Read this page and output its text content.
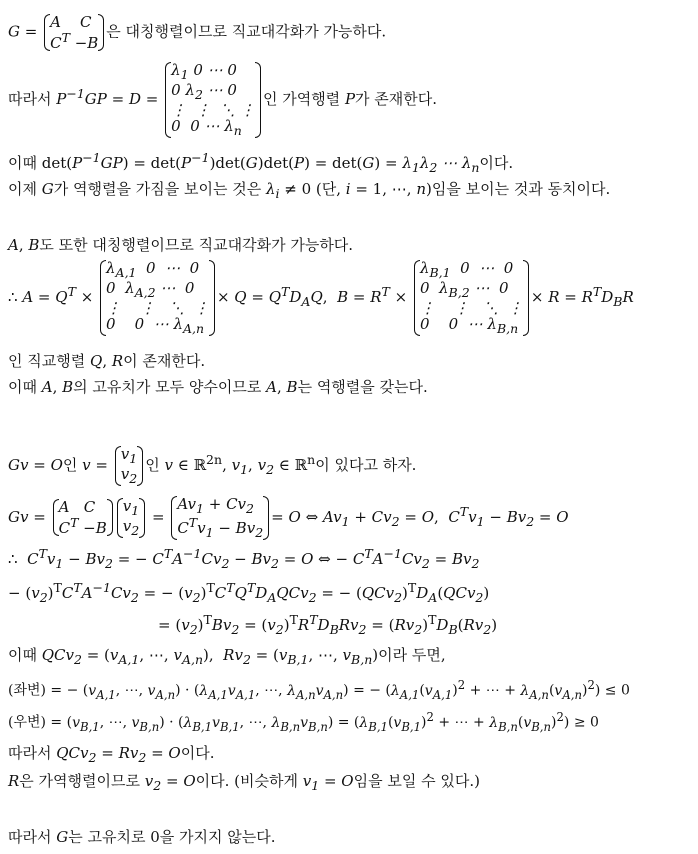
G =
A    C
$C^T -B$
은 대칭행렬이므로 직교대각화가 가능하다.
따라서 $P^{-1}GP = D$ =
$\lambda_1$ 0 ⋯ 0
0 $\lambda_2$ ⋯ 0
⋮  ⋮  ⋱ ⋮
0  0 ⋯ $\lambda_n$
인 가역행렬 P가 존재한다.
이때 $\det(P^{-1}GP) = \det(P^{-1})\det(G)\det(P) = \det(G) = \lambda_1\lambda_2$ ⋯ $\lambda_n$이다.
이제 G가 역행렬을 가짐을 보이는 것은 $\lambda_i \ne 0$ (단, i = 1, ⋯, n)임을 보이는 것과 동치이다.
A, B도 또한 대칭행렬이므로 직교대각화가 가능하다.
∴ $A = Q^T$ ×
$\lambda_{A,1}$  0  ⋯  0
0  $\lambda_{A,2}$ ⋯  0
⋮    ⋮   ⋱  ⋮
0    0  ⋯ $\lambda_{A,n}$
× $Q = Q^TD_AQ$,  $B = R^T$ ×
$\lambda_{B,1}$  0  ⋯  0
0  $\lambda_{B,2}$ ⋯  0
⋮    ⋮   ⋱  ⋮
0    0  ⋯ $\lambda_{B,n}$
× $R = R^TD_BR$
인 직교행렬 Q, R이 존재한다.
이때 A, B의 고유치가 모두 양수이므로 A, B는 역행렬을 갖는다.
Gv = O인 v =
$v_1$
$v_2$
인 v ∈ ℝ$^{2n}$, $v_1$, $v_2$ ∈ ℝ$^n$이 있다고 하자.
Gv =
A   C
$C^T -B$
$v_1$
$v_2$
=
$Av_1 + Cv_2$
$C^Tv_1 - Bv_2$
= O ⇔ $Av_1 + Cv_2 = O$,  $C^Tv_1 - Bv_2 = O$
∴  $C^Tv_1 - Bv_2$ = − $C^TA^{-1}Cv_2 - Bv_2 = O$ ⇔ − $C^TA^{-1}Cv_2 = Bv_2$
− $(v_2)^TC^TA^{-1}Cv_2$ = − $(v_2)^TC^TQ^TD_AQCv_2$ = − $(QCv_2)^TD_A(QCv_2)$
= $(v_2)^TBv_2 = (v_2)^TR^TD_BRv_2 = (Rv_2)^TD_B(Rv_2)$
이때 $QCv_2 = (v_{A,1}$, ⋯, $v_{A,n}$),  $Rv_2 = (v_{B,1}$, ⋯, $v_{B,n}$)이라 두면,
(좌변) = − ($v_{A,1}$, ⋯, $v_{A,n}) \cdot (\lambda_{A,1}v_{A,1}$, ⋯, $\lambda_{A,n}v_{A,n}$) = − ($\lambda_{A,1}(v_{A,1})^2$ + ⋯ + $\lambda_{A,n}(v_{A,n})^2) \le 0$
(우변) = ($v_{B,1}$, ⋯, $v_{B,n}) \cdot (\lambda_{B,1}v_{B,1}$, ⋯, $\lambda_{B,n}v_{B,n}) = (\lambda_{B,1}(v_{B,1})^2$ + ⋯ + $\lambda_{B,n}(v_{B,n})^2) \ge 0$
따라서 $QCv_2 = Rv_2 = O$이다.
R은 가역행렬이므로 $v_2 = O$이다. (비슷하게 $v_1 = O$임을 보일 수 있다.)
따라서 G는 고유치로 0을 가지지 않는다.
